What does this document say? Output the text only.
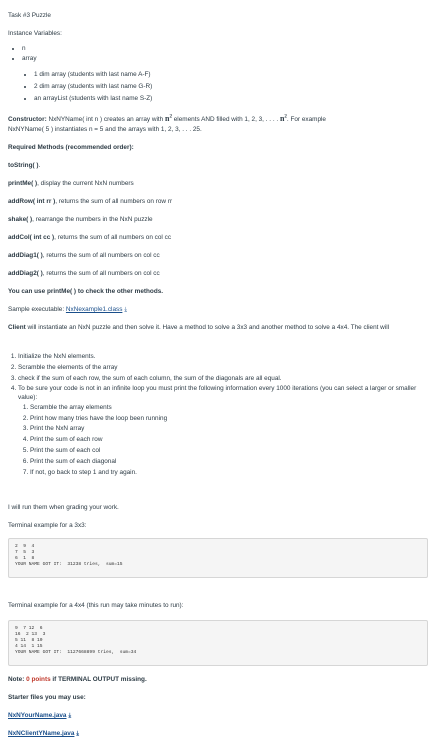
Task #3 Puzzle
Instance Variables:
• n
• array
• 1 dim array (students with last name A-F)
• 2 dim array (students with last name G-R)
• an arrayList (students with last name S-Z)
Constructor: NxNYName( int n ) creates an array with $n^2$ elements AND filled with 1, 2, 3, . . . . $n^2$. For example
NxNYName( 5 ) instantiates n = 5 and the arrays with 1, 2, 3, . . . 25.
Required Methods (recommended order):
toString( ).
printMe( ), display the current NxN numbers
addRow( int rr ), returns the sum of all numbers on row rr
shake( ), rearrange the numbers in the NxN puzzle
addCol( int cc ), returns the sum of all numbers on col cc
addDiag1( ), returns the sum of all numbers on col cc
addDiag2( ), returns the sum of all numbers on col cc
You can use printMe( ) to check the other methods.
Sample executable: NxNexample1.class ⤓
Client will instantiate an NxN puzzle and then solve it. Have a method to solve a 3x3 and another method to solve a 4x4. The client will
1. Initialize the NxN elements.
2. Scramble the elements of the array
3. check if the sum of each row, the sum of each column, the sum of the diagonals are all equal.
4. To be sure your code is not in an infinite loop you must print the following information every 1000 iterations (you can select a larger or smaller value):
1. Scramble the array elements
2. Print how many tries have the loop been running
3. Print the NxN array
4. Print the sum of each row
5. Print the sum of each col
6. Print the sum of each diagonal
7. If not, go back to step 1 and try again.
I will run them when grading your work.
Terminal example for a 3x3:
2  9  4
7  5  3
6  1  8
YOUR NAME GOT IT:  31238 tries,  sum=15
Terminal example for a 4x4 (this run may take minutes to run):
9  7 12  6
16  2 13  3
5 11  8 10
4 14  1 15
YOUR NAME GOT IT:  1127668899 tries,  sum=34
Note: 0 points if TERMINAL OUTPUT missing.
Starter files you may use:
NxNYourName.java ⤓
NxNClientYName.java ⤓
